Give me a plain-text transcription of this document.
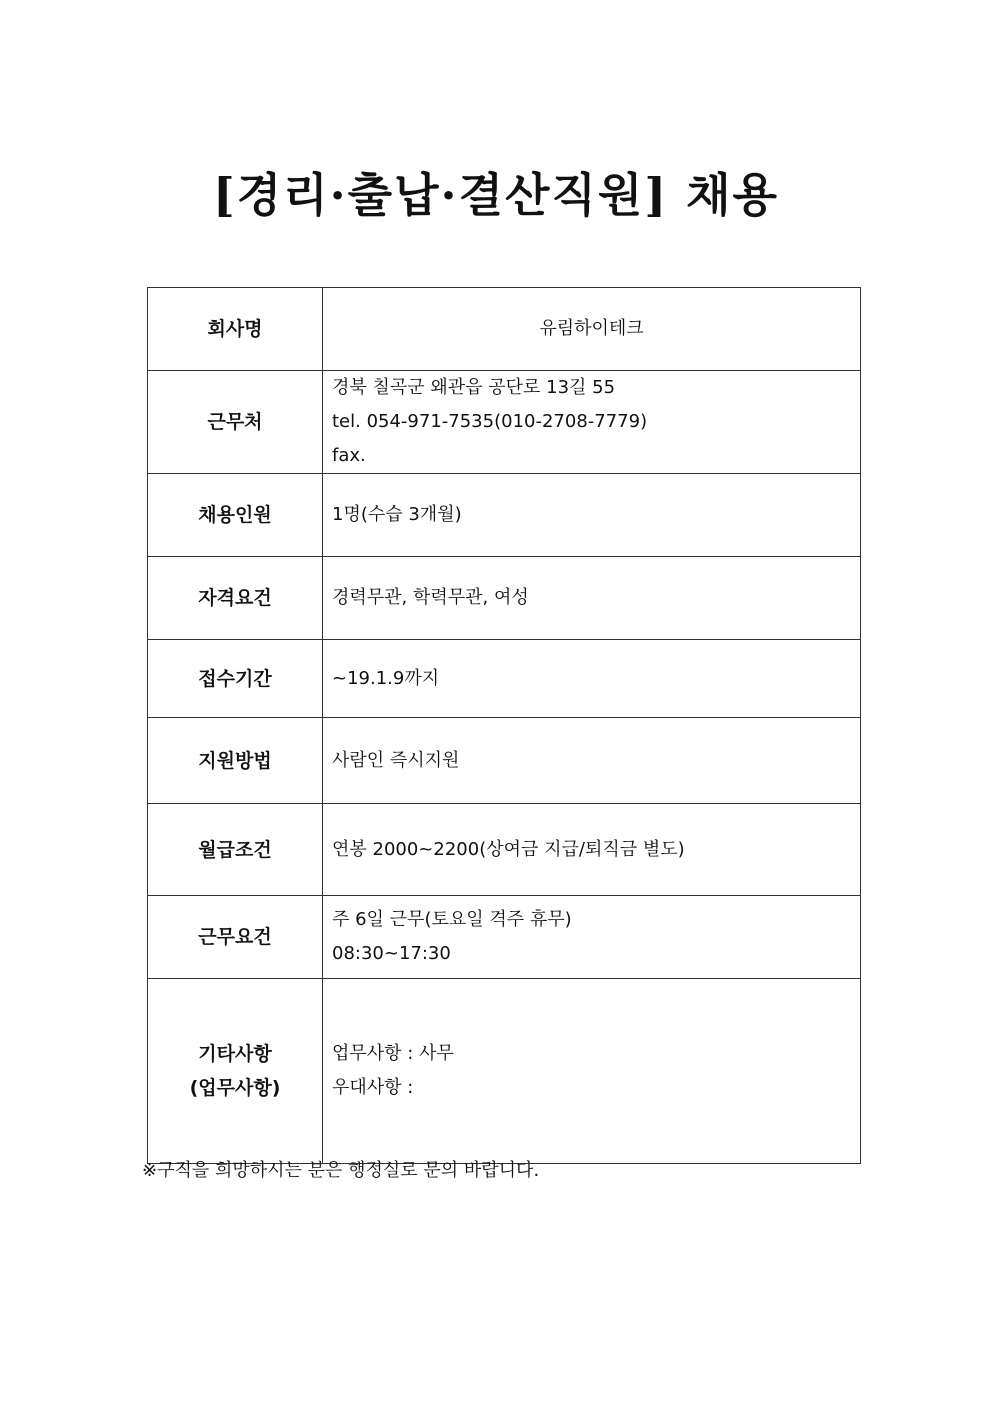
[경리·출납·결산직원] 채용
회사명	유림하이테크

근무처	경북 칠곡군 왜관읍 공단로 13길 55
tel. 054-971-7535(010-2708-7779)
fax.

채용인원	1명(수습 3개월)

자격요건	경력무관, 학력무관, 여성

접수기간	~19.1.9까지

지원방법	사람인 즉시지원

월급조건	연봉 2000~2200(상여금 지급/퇴직금 별도)

근무요건	주 6일 근무(토요일 격주 휴무)
08:30~17:30

기타사항
(업무사항)	업무사항 : 사무
우대사항 :

※구직을 희망하시는 분은 행정실로 문의 바랍니다.
